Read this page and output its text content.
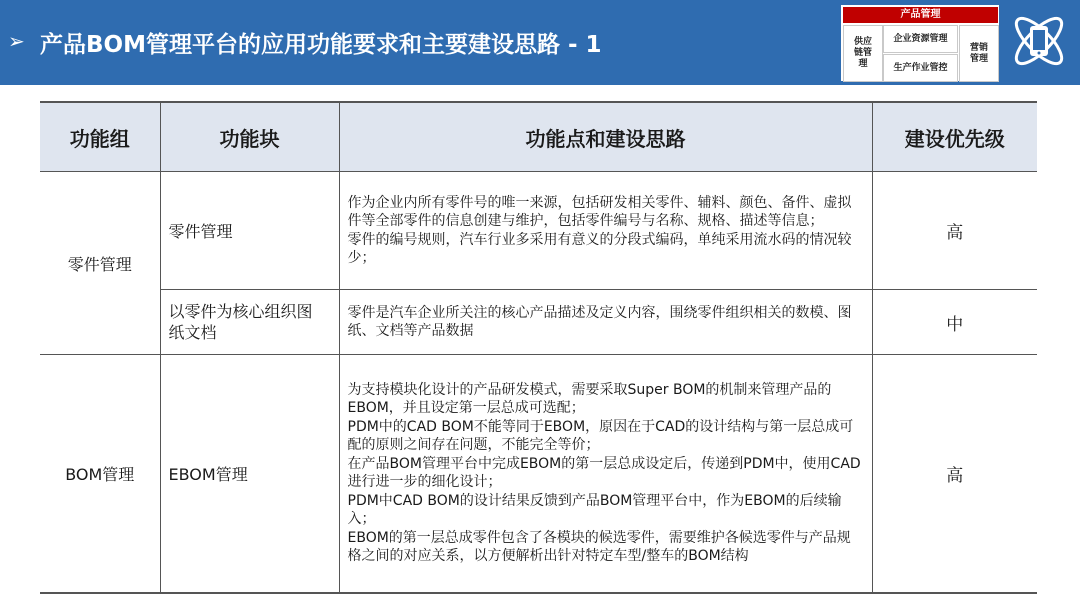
➢ 产品BOM管理平台的应用功能要求和主要建设思路 - 1
产品管理
供应链管理
企业资源管理
生产作业管控
营销管理
功能组	功能块	功能点和建设思路	建设优先级
零件管理	零件管理	作为企业内所有零件号的唯一来源，包括研发相关零件、辅料、颜色、备件、虚拟件等全部零件的信息创建与维护，包括零件编号与名称、规格、描述等信息；
零件的编号规则，汽车行业多采用有意义的分段式编码，单纯采用流水码的情况较少；	高

	以零件为核心组织图纸文档	零件是汽车企业所关注的核心产品描述及定义内容，围绕零件组织相关的数模、图纸、文档等产品数据	中
BOM管理	EBOM管理	为支持模块化设计的产品研发模式，需要采取Super BOM的机制来管理产品的EBOM，并且设定第一层总成可选配；
PDM中的CAD BOM不能等同于EBOM，原因在于CAD的设计结构与第一层总成可配的原则之间存在问题，不能完全等价；
在产品BOM管理平台中完成EBOM的第一层总成设定后，传递到PDM中，使用CAD进行进一步的细化设计；
PDM中CAD BOM的设计结果反馈到产品BOM管理平台中，作为EBOM的后续输入；
EBOM的第一层总成零件包含了各模块的候选零件，需要维护各候选零件与产品规格之间的对应关系，以方便解析出针对特定车型/整车的BOM结构	高
